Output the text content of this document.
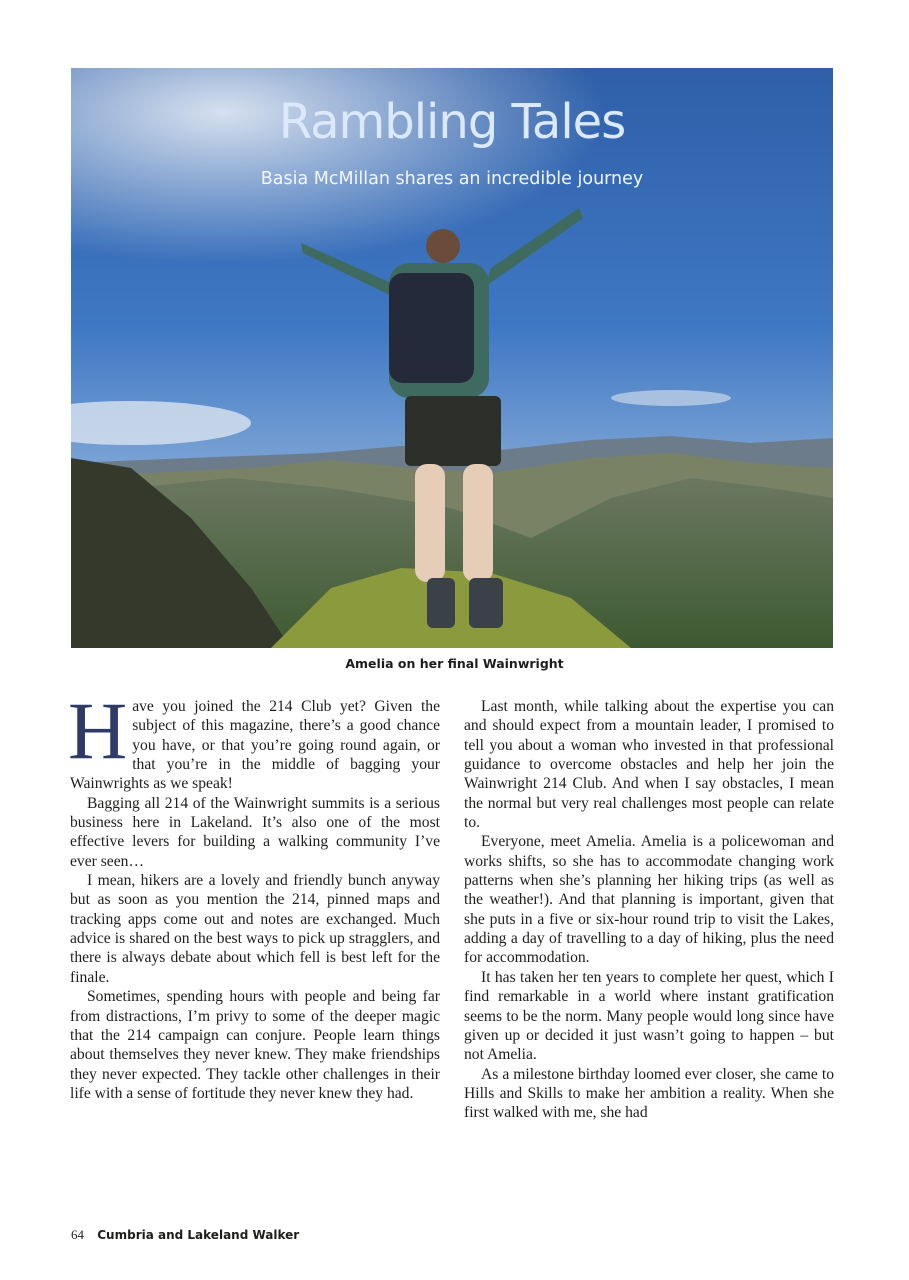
Rambling Tales
Basia McMillan shares an incredible journey
Amelia on her final Wainwright

Have you joined the 214 Club yet? Given the subject of this magazine, there’s a good chance you have, or that you’re going round again, or that you’re in the middle of bagging your Wainwrights as we speak!

Bagging all 214 of the Wainwright summits is a serious business here in Lakeland. It’s also one of the most effective levers for building a walking community I’ve ever seen…

I mean, hikers are a lovely and friendly bunch anyway but as soon as you mention the 214, pinned maps and tracking apps come out and notes are exchanged. Much advice is shared on the best ways to pick up stragglers, and there is always debate about which fell is best left for the finale.

Sometimes, spending hours with people and being far from distractions, I’m privy to some of the deeper magic that the 214 campaign can conjure. People learn things about themselves they never knew. They make friendships they never expected. They tackle other challenges in their life with a sense of fortitude they never knew they had.

Last month, while talking about the expertise you can and should expect from a mountain leader, I promised to tell you about a woman who invested in that professional guidance to overcome obstacles and help her join the Wainwright 214 Club. And when I say obstacles, I mean the normal but very real challenges most people can relate to.

Everyone, meet Amelia. Amelia is a policewoman and works shifts, so she has to accommodate changing work patterns when she’s planning her hiking trips (as well as the weather!). And that planning is important, given that she puts in a five or six-hour round trip to visit the Lakes, adding a day of travelling to a day of hiking, plus the need for accommodation.

It has taken her ten years to complete her quest, which I find remarkable in a world where instant gratification seems to be the norm. Many people would long since have given up or decided it just wasn’t going to happen – but not Amelia.

As a milestone birthday loomed ever closer, she came to Hills and Skills to make her ambition a reality. When she first walked with me, she had

64 Cumbria and Lakeland Walker
